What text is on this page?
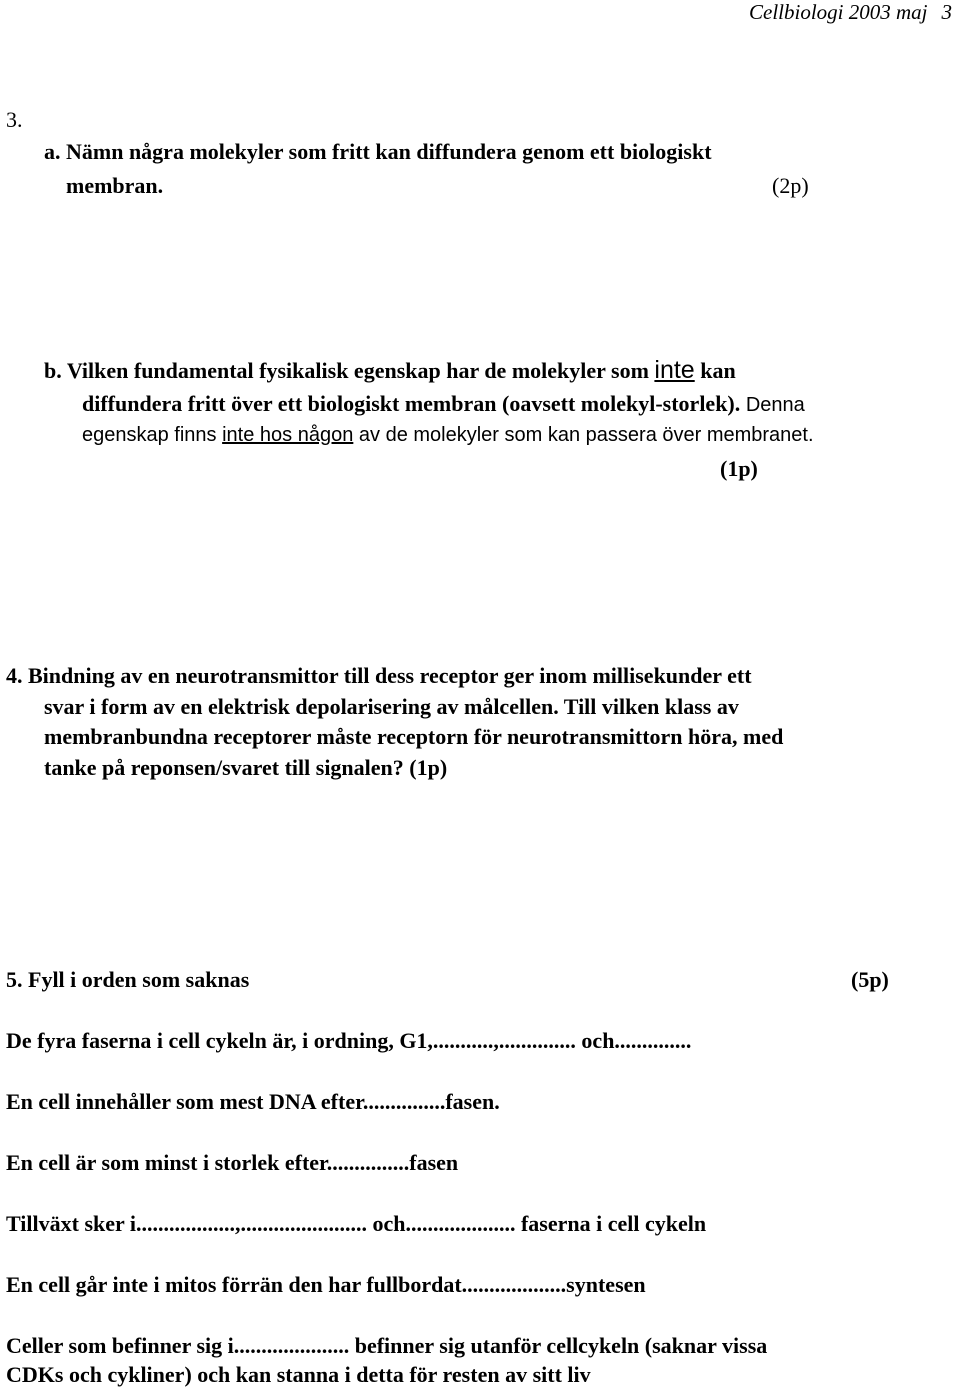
Cellbiologi 2003 maj 3
3.
a. Nämn några molekyler som fritt kan diffundera genom ett biologiskt
membran.	(2p)
b. Vilken fundamental fysikalisk egenskap har de molekyler som inte kan
diffundera fritt över ett biologiskt membran (oavsett molekyl-storlek). Denna
egenskap finns inte hos någon av de molekyler som kan passera över membranet.
(1p)
4. Bindning av en neurotransmittor till dess receptor ger inom millisekunder ett
svar i form av en elektrisk depolarisering av målcellen. Till vilken klass av
membranbundna receptorer måste receptorn för neurotransmittorn höra, med
tanke på reponsen/svaret till signalen? (1p)
5. Fyll i orden som saknas	(5p)
De fyra faserna i cell cykeln är, i ordning, G1,...........,.............. och..............
En cell innehåller som mest DNA efter...............fasen.
En cell är som minst i storlek efter...............fasen
Tillväxt sker i..................,....................... och.................... faserna i cell cykeln
En cell går inte i mitos förrän den har fullbordat...................syntesen
Celler som befinner sig i..................... befinner sig utanför cellcykeln (saknar vissa
CDKs och cykliner) och kan stanna i detta för resten av sitt liv
